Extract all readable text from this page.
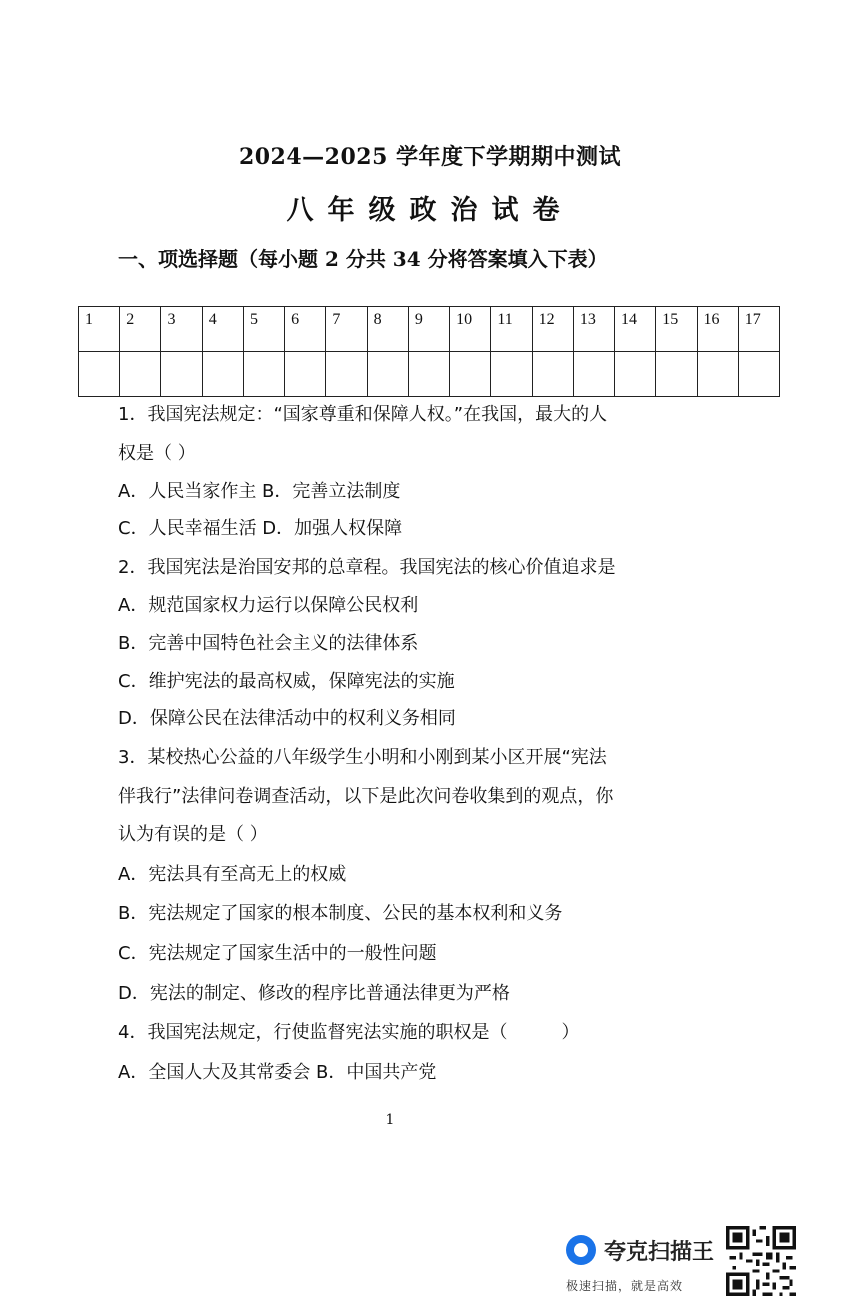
2024—2025 学年度下学期期中测试
八年级政治试卷
一、项选择题（每小题 2 分共 34 分将答案填入下表）
1	2	3	4	5	6	7	8	9	10	11	12	13	14	15	16	17

1．我国宪法规定：“国家尊重和保障人权。”在我国，最大的人
权是（ ）
A．人民当家作主 B．完善立法制度
C．人民幸福生活 D．加强人权保障
2．我国宪法是治国安邦的总章程。我国宪法的核心价值追求是
A．规范国家权力运行以保障公民权利
B．完善中国特色社会主义的法律体系
C．维护宪法的最高权威，保障宪法的实施
D．保障公民在法律活动中的权利义务相同
3．某校热心公益的八年级学生小明和小刚到某小区开展“宪法
伴我行”法律问卷调查活动，以下是此次问卷收集到的观点，你
认为有误的是（ ）
A．宪法具有至高无上的权威
B．宪法规定了国家的根本制度、公民的基本权利和义务
C．宪法规定了国家生活中的一般性问题
D．宪法的制定、修改的程序比普通法律更为严格
4．我国宪法规定，行使监督宪法实施的职权是（　　　）
A．全国人大及其常委会 B．中国共产党
1
夸克扫描王
极速扫描，就是高效
